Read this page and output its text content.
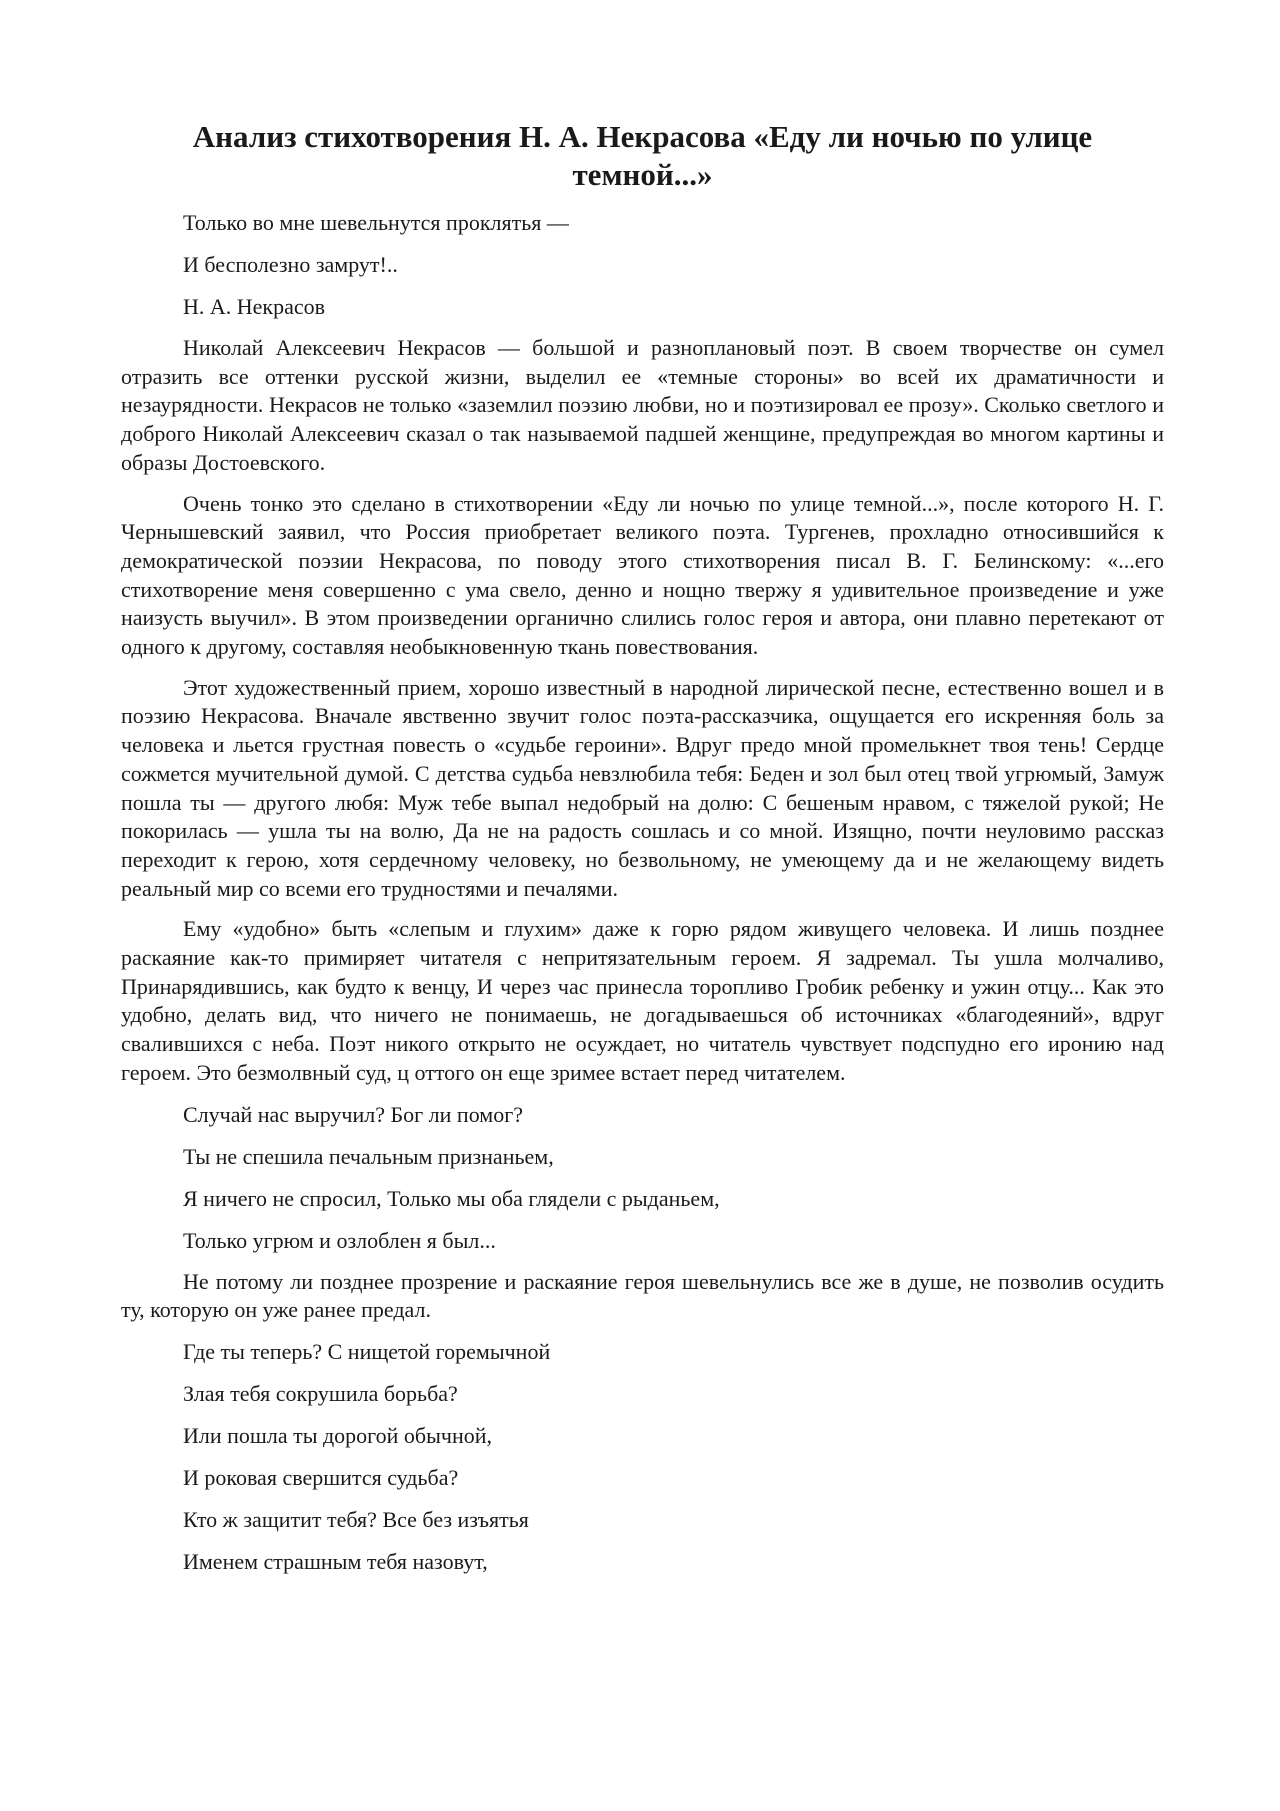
Анализ стихотворения Н. А. Некрасова «Еду ли ночью по улице темной...»

Только во мне шевельнутся проклятья —

И бесполезно замрут!..

Н. А. Некрасов

Николай Алексеевич Некрасов — большой и разноплановый поэт. В своем творчестве он сумел отразить все оттенки русской жизни, выделил ее «темные стороны» во всей их драматичности и незаурядности. Некрасов не только «заземлил поэзию любви, но и поэтизировал ее прозу». Сколько светлого и доброго Николай Алексеевич сказал о так называемой падшей женщине, предупреждая во многом картины и образы Достоевского.

Очень тонко это сделано в стихотворении «Еду ли ночью по улице темной...», после которого Н. Г. Чернышевский заявил, что Россия приобретает великого поэта. Тургенев, прохладно относившийся к демократической поэзии Некрасова, по поводу этого стихотворения писал В. Г. Белинскому: «...его стихотворение меня совершенно с ума свело, денно и нощно твержу я удивительное произведение и уже наизусть выучил». В этом произведении органично слились голос героя и автора, они плавно перетекают от одного к другому, составляя необыкновенную ткань повествования.

Этот художественный прием, хорошо известный в народной лирической песне, естественно вошел и в поэзию Некрасова. Вначале явственно звучит голос поэта-рассказчика, ощущается его искренняя боль за человека и льется грустная повесть о «судьбе героини». Вдруг предо мной промелькнет твоя тень! Сердце сожмется мучительной думой. С детства судьба невзлюбила тебя: Беден и зол был отец твой угрюмый, Замуж пошла ты — другого любя: Муж тебе выпал недобрый на долю: С бешеным нравом, с тяжелой рукой; Не покорилась — ушла ты на волю, Да не на радость сошлась и со мной. Изящно, почти неуловимо рассказ переходит к герою, хотя сердечному человеку, но безвольному, не умеющему да и не желающему видеть реальный мир со всеми его трудностями и печалями.

Ему «удобно» быть «слепым и глухим» даже к горю рядом живущего человека. И лишь позднее раскаяние как-то примиряет читателя с непритязательным героем. Я задремал. Ты ушла молчаливо, Принарядившись, как будто к венцу, И через час принесла торопливо Гробик ребенку и ужин отцу... Как это удобно, делать вид, что ничего не понимаешь, не догадываешься об источниках «благодеяний», вдруг свалившихся с неба. Поэт никого открыто не осуждает, но читатель чувствует подспудно его иронию над героем. Это безмолвный суд, ц оттого он еще зримее встает перед читателем.

Случай нас выручил? Бог ли помог?

Ты не спешила печальным признаньем,

Я ничего не спросил, Только мы оба глядели с рыданьем,

Только угрюм и озлоблен я был...

Не потому ли позднее прозрение и раскаяние героя шевельнулись все же в душе, не позволив осудить ту, которую он уже ранее предал.

Где ты теперь? С нищетой горемычной

Злая тебя сокрушила борьба?

Или пошла ты дорогой обычной,

И роковая свершится судьба?

Кто ж защитит тебя? Все без изъятья

Именем страшным тебя назовут,
